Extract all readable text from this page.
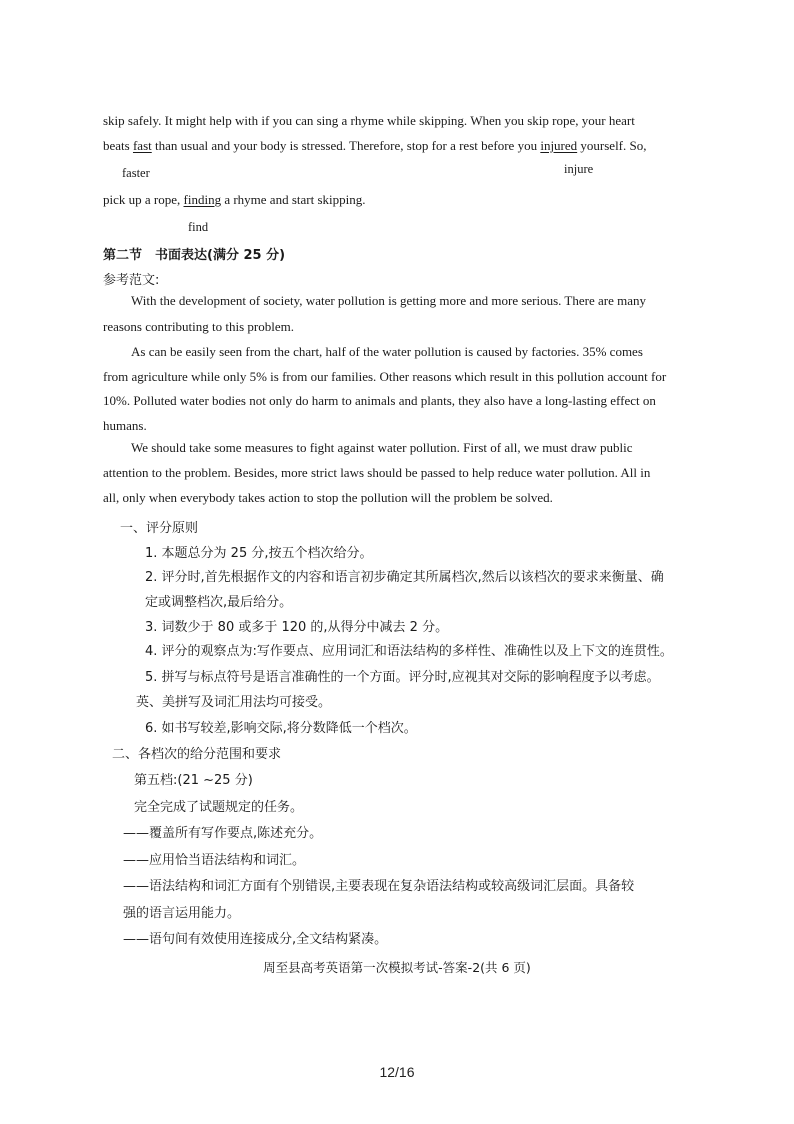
skip safely. It might help with if you can sing a rhyme while skipping. When you skip rope, your heart
beats fast than usual and your body is stressed. Therefore, stop for a rest before you injured yourself. So,
faster	injure
pick up a rope, finding a rhyme and start skipping.
find
第二节　书面表达(满分 25 分)
参考范文:
With the development of society, water pollution is getting more and more serious. There are many
reasons contributing to this problem.
As can be easily seen from the chart, half of the water pollution is caused by factories. 35% comes
from agriculture while only 5% is from our families. Other reasons which result in this pollution account for
10%. Polluted water bodies not only do harm to animals and plants, they also have a long-lasting effect on
humans.
We should take some measures to fight against water pollution. First of all, we must draw public
attention to the problem. Besides, more strict laws should be passed to help reduce water pollution. All in
all, only when everybody takes action to stop the pollution will the problem be solved.
一、评分原则
1. 本题总分为 25 分,按五个档次给分。
2. 评分时,首先根据作文的内容和语言初步确定其所属档次,然后以该档次的要求来衡量、确
定或调整档次,最后给分。
3. 词数少于 80 或多于 120 的,从得分中减去 2 分。
4. 评分的观察点为:写作要点、应用词汇和语法结构的多样性、准确性以及上下文的连贯性。
5. 拼写与标点符号是语言准确性的一个方面。评分时,应视其对交际的影响程度予以考虑。
英、美拼写及词汇用法均可接受。
6. 如书写较差,影响交际,将分数降低一个档次。
二、各档次的给分范围和要求
第五档:(21 ~25 分)
完全完成了试题规定的任务。
——覆盖所有写作要点,陈述充分。
——应用恰当语法结构和词汇。
——语法结构和词汇方面有个别错误,主要表现在复杂语法结构或较高级词汇层面。具备较
强的语言运用能力。
——语句间有效使用连接成分,全文结构紧凑。
周至县高考英语第一次模拟考试-答案-2(共 6 页)
12/16
